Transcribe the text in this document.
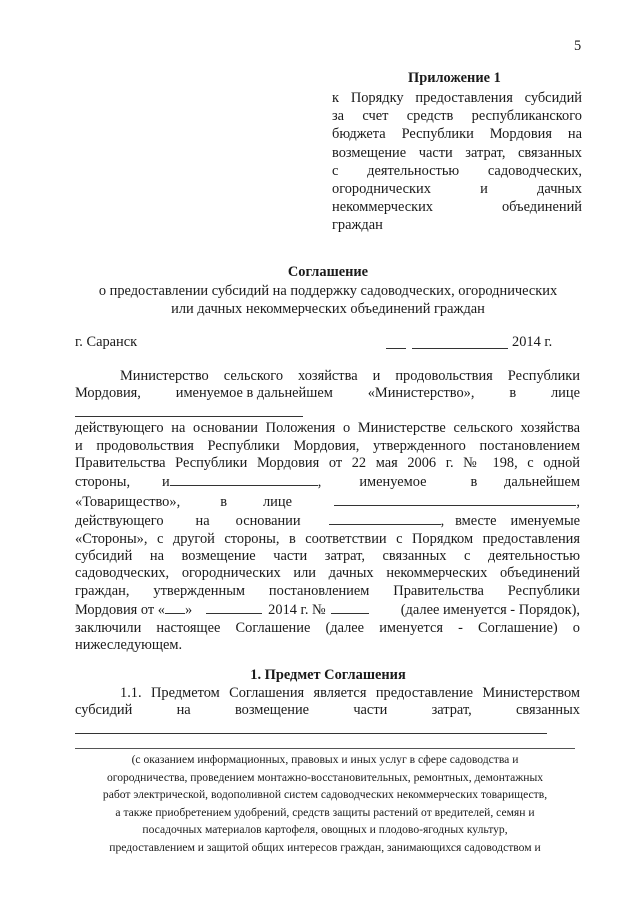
5
Приложение 1
к Порядку предоставления субсидий
за счет средств республиканского
бюджета Республики Мордовия на
возмещение части затрат, связанных
с деятельностью садоводческих,
огороднических и дачных
некоммерческих объединений
граждан
Соглашение
о предоставлении субсидий на поддержку садоводческих, огороднических
или дачных некоммерческих объединений граждан
г. Саранск	2014 г.
Министерство сельского хозяйства и продовольствия Республики
Мордовия, именуемое в дальнейшем «Министерство», в лице
действующего на основании Положения о Министерстве сельского хозяйства
и продовольствия Республики Мордовия, утвержденного постановлением
Правительства Республики Мордовия от 22 мая 2006 г. № 198, с одной
стороны, и	,	именуемое	в дальнейшем
«Товарищество»,	в	лице	,
действующего на основании	, вместе именуемые
«Стороны», с другой стороны, в соответствии с Порядком предоставления
субсидий на возмещение части затрат, связанных с деятельностью
садоводческих, огороднических или дачных некоммерческих объединений
граждан, утвержденным постановлением Правительства Республики
Мордовия от « »	2014 г. №	(далее именуется - Порядок),
заключили настоящее Соглашение (далее именуется - Соглашение) о
нижеследующем.
1. Предмет Соглашения
1.1. Предметом Соглашения является предоставление Министерством
субсидий	на	возмещение	части	затрат,	связанных
(с оказанием информационных, правовых и иных услуг в сфере садоводства и
огородничества, проведением монтажно-восстановительных, ремонтных, демонтажных
работ электрической, водополивной систем садоводческих некоммерческих товариществ,
а также приобретением удобрений, средств защиты растений от вредителей, семян и
посадочных материалов картофеля, овощных и плодово-ягодных культур,
предоставлением и защитой общих интересов граждан, занимающихся садоводством и
